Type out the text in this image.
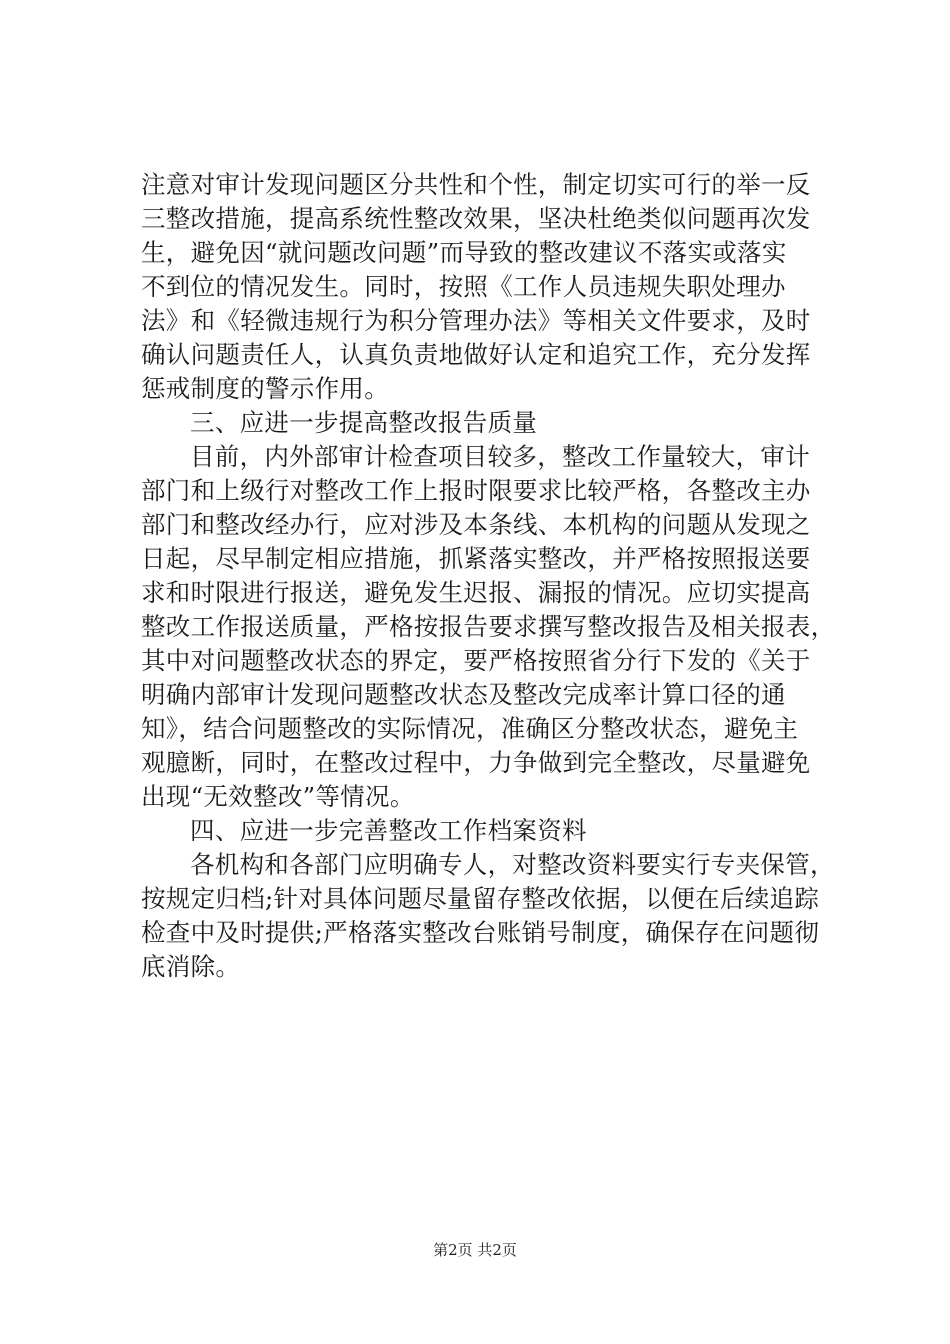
注意对审计发现问题区分共性和个性，制定切实可行的举一反
三整改措施，提高系统性整改效果，坚决杜绝类似问题再次发
生，避免因“就问题改问题”而导致的整改建议不落实或落实
不到位的情况发生。同时，按照《工作人员违规失职处理办
法》和《轻微违规行为积分管理办法》等相关文件要求，及时
确认问题责任人，认真负责地做好认定和追究工作，充分发挥
惩戒制度的警示作用。
三、应进一步提高整改报告质量
目前，内外部审计检查项目较多，整改工作量较大，审计
部门和上级行对整改工作上报时限要求比较严格，各整改主办
部门和整改经办行，应对涉及本条线、本机构的问题从发现之
日起，尽早制定相应措施，抓紧落实整改，并严格按照报送要
求和时限进行报送，避免发生迟报、漏报的情况。应切实提高
整改工作报送质量，严格按报告要求撰写整改报告及相关报表，
其中对问题整改状态的界定，要严格按照省分行下发的《关于
明确内部审计发现问题整改状态及整改完成率计算口径的通
知》，结合问题整改的实际情况，准确区分整改状态，避免主
观臆断，同时，在整改过程中，力争做到完全整改，尽量避免
出现“无效整改”等情况。
四、应进一步完善整改工作档案资料
各机构和各部门应明确专人，对整改资料要实行专夹保管，
按规定归档;针对具体问题尽量留存整改依据，以便在后续追踪
检查中及时提供;严格落实整改台账销号制度，确保存在问题彻
底消除。
第2页 共2页
